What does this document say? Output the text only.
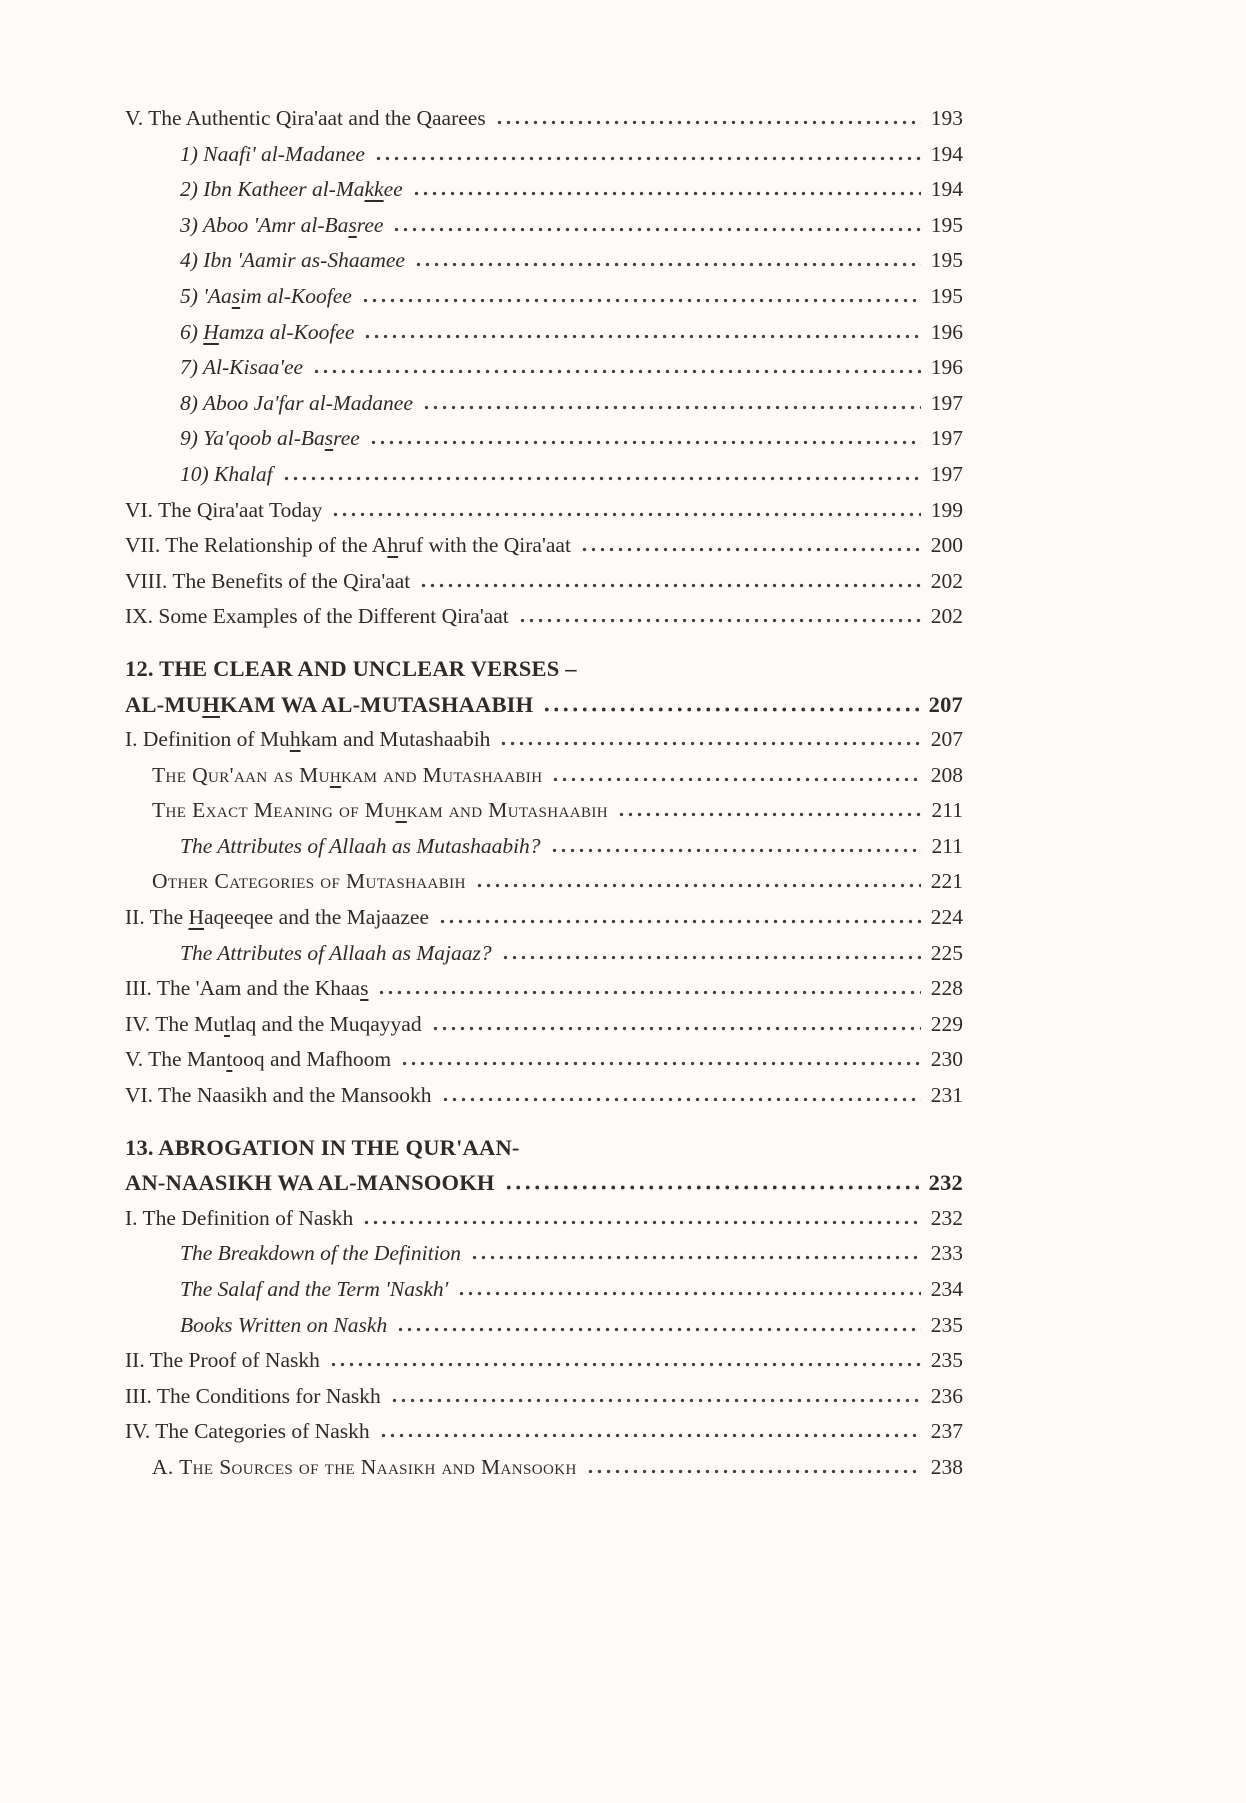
V. The Authentic Qira'aat and the Qaarees	193
1) Naafi' al-Madanee	194
2) Ibn Katheer al-Makkee	194
3) Aboo 'Amr al-Basree	195
4) Ibn 'Aamir as-Shaamee	195
5) 'Aasim al-Koofee	195
6) Hamza al-Koofee	196
7) Al-Kisaa'ee	196
8) Aboo Ja'far al-Madanee	197
9) Ya'qoob al-Basree	197
10) Khalaf	197
VI. The Qira'aat Today	199
VII. The Relationship of the Ahruf with the Qira'aat	200
VIII. The Benefits of the Qira'aat	202
IX. Some Examples of the Different Qira'aat	202
12. THE CLEAR AND UNCLEAR VERSES –
AL-MUHKAM WA AL-MUTASHAABIH	207
I. Definition of Muhkam and Mutashaabih	207
The Qur'aan as Muhkam and Mutashaabih	208
The Exact Meaning of Muhkam and Mutashaabih	211
The Attributes of Allaah as Mutashaabih?	211
Other Categories of Mutashaabih	221
II. The Haqeeqee and the Majaazee	224
The Attributes of Allaah as Majaaz?	225
III. The 'Aam and the Khaas	228
IV. The Mutlaq and the Muqayyad	229
V. The Mantooq and Mafhoom	230
VI. The Naasikh and the Mansookh	231
13. ABROGATION IN THE QUR'AAN-
AN-NAASIKH WA AL-MANSOOKH	232
I. The Definition of Naskh	232
The Breakdown of the Definition	233
The Salaf and the Term 'Naskh'	234
Books Written on Naskh	235
II. The Proof of Naskh	235
III. The Conditions for Naskh	236
IV. The Categories of Naskh	237
A. The Sources of the Naasikh and Mansookh	238
